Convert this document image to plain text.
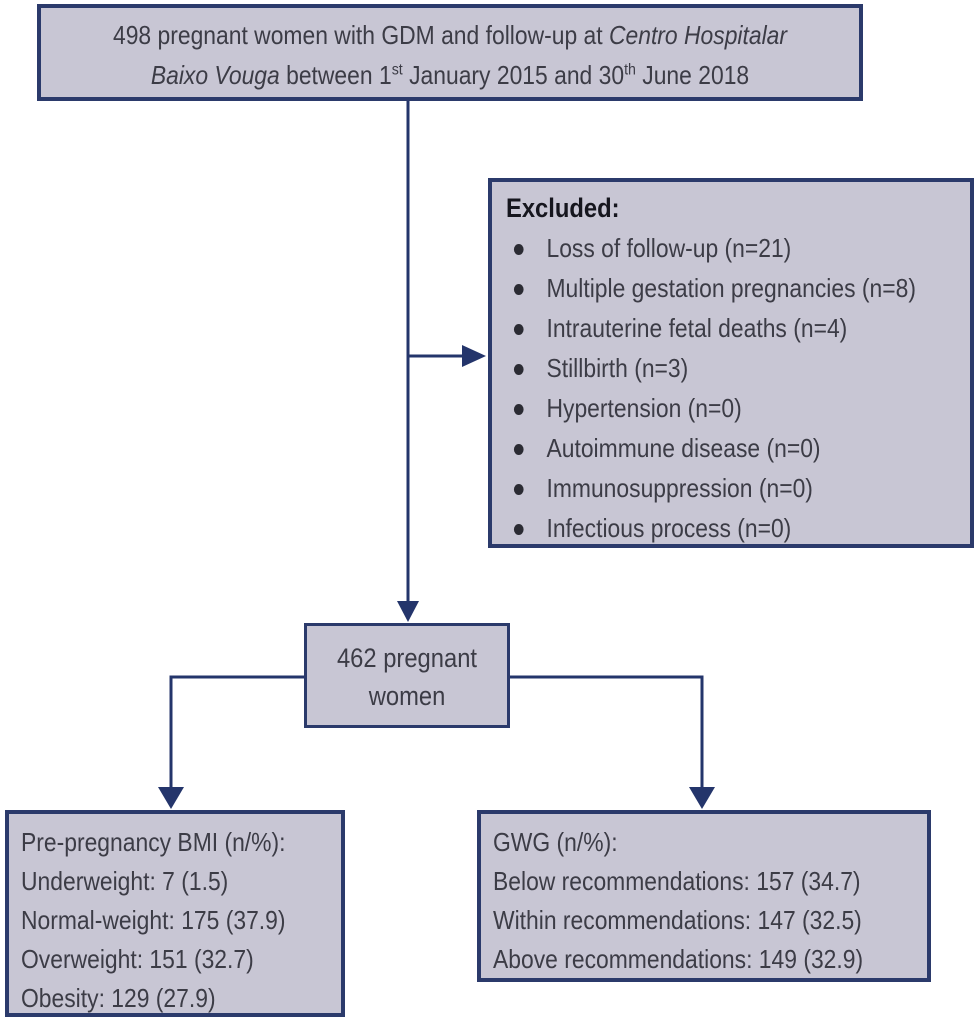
498 pregnant women with GDM and follow-up at Centro Hospitalar
Baixo Vouga between 1st January 2015 and 30th June 2018

Excluded:

Loss of follow-up (n=21)
Multiple gestation pregnancies (n=8)
Intrauterine fetal deaths (n=4)
Stillbirth (n=3)
Hypertension (n=0)
Autoimmune disease (n=0)
Immunosuppression (n=0)
Infectious process (n=0)
462 pregnant
women

Pre-pregnancy BMI (n/%):

Underweight: 7 (1.5)

Normal-weight: 175 (37.9)

Overweight: 151 (32.7)

Obesity: 129 (27.9)

GWG (n/%):

Below recommendations: 157 (34.7)

Within recommendations: 147 (32.5)

Above recommendations: 149 (32.9)
